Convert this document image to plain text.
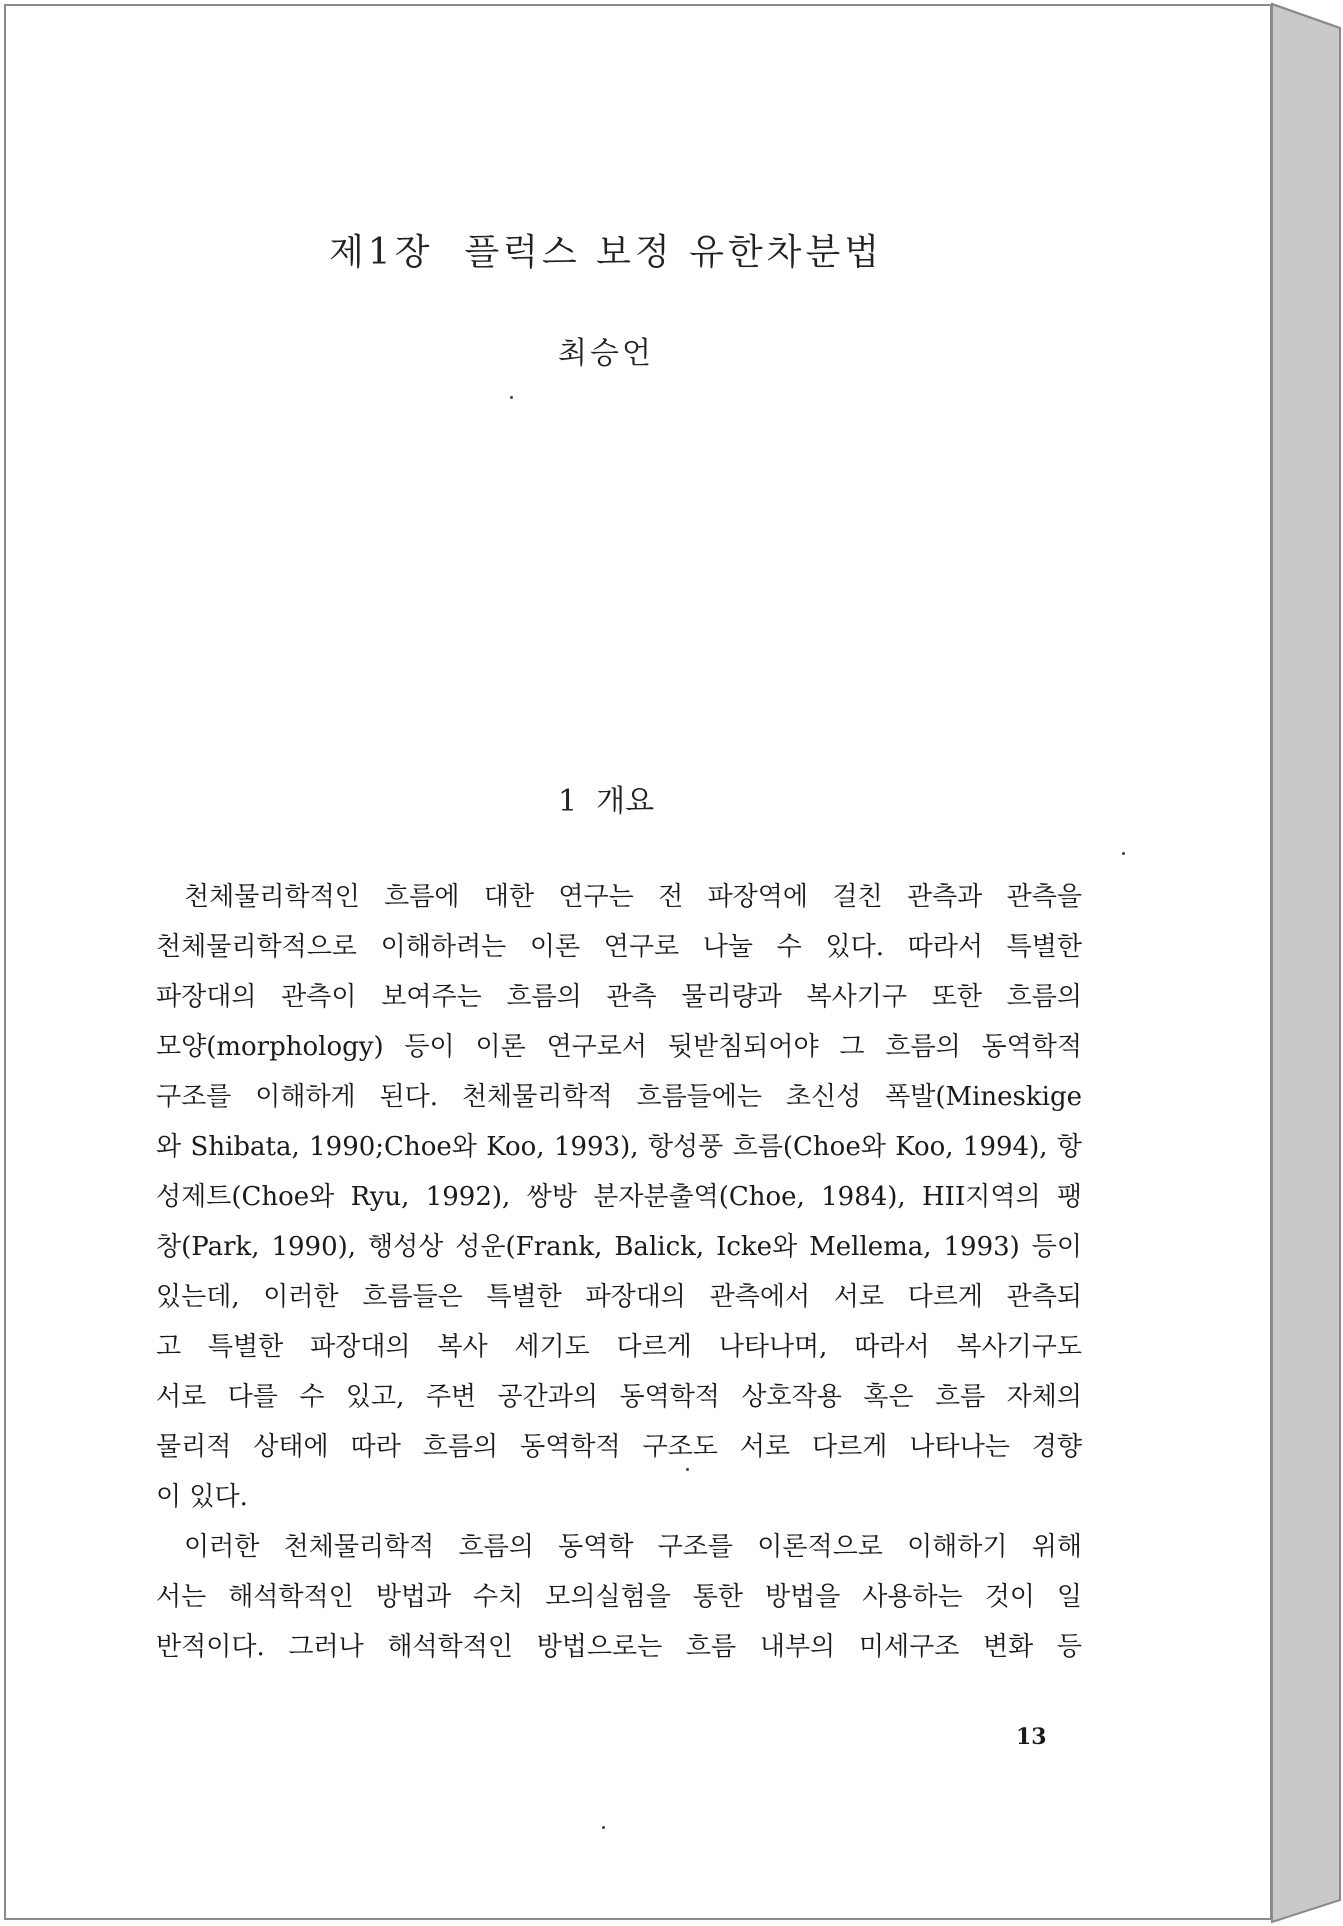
제1장  플럭스 보정 유한차분법
최승언
1  개요
천체물리학적인 흐름에 대한 연구는 전 파장역에 걸친 관측과 관측을
천체물리학적으로 이해하려는 이론 연구로 나눌 수 있다. 따라서 특별한
파장대의 관측이 보여주는 흐름의 관측 물리량과 복사기구 또한 흐름의
모양(morphology) 등이 이론 연구로서 뒷받침되어야 그 흐름의 동역학적
구조를 이해하게 된다. 천체물리학적 흐름들에는 초신성 폭발(Mineskige
와 Shibata, 1990;Choe와 Koo, 1993), 항성풍 흐름(Choe와 Koo, 1994), 항
성제트(Choe와 Ryu, 1992), 쌍방 분자분출역(Choe, 1984), HII지역의 팽
창(Park, 1990), 행성상 성운(Frank, Balick, Icke와 Mellema, 1993) 등이
있는데, 이러한 흐름들은 특별한 파장대의 관측에서 서로 다르게 관측되
고 특별한 파장대의 복사 세기도 다르게 나타나며, 따라서 복사기구도
서로 다를 수 있고, 주변 공간과의 동역학적 상호작용 혹은 흐름 자체의
물리적 상태에 따라 흐름의 동역학적 구조도 서로 다르게 나타나는 경향
이 있다.
이러한 천체물리학적 흐름의 동역학 구조를 이론적으로 이해하기 위해
서는 해석학적인 방법과 수치 모의실험을 통한 방법을 사용하는 것이 일
반적이다. 그러나 해석학적인 방법으로는 흐름 내부의 미세구조 변화 등
13
